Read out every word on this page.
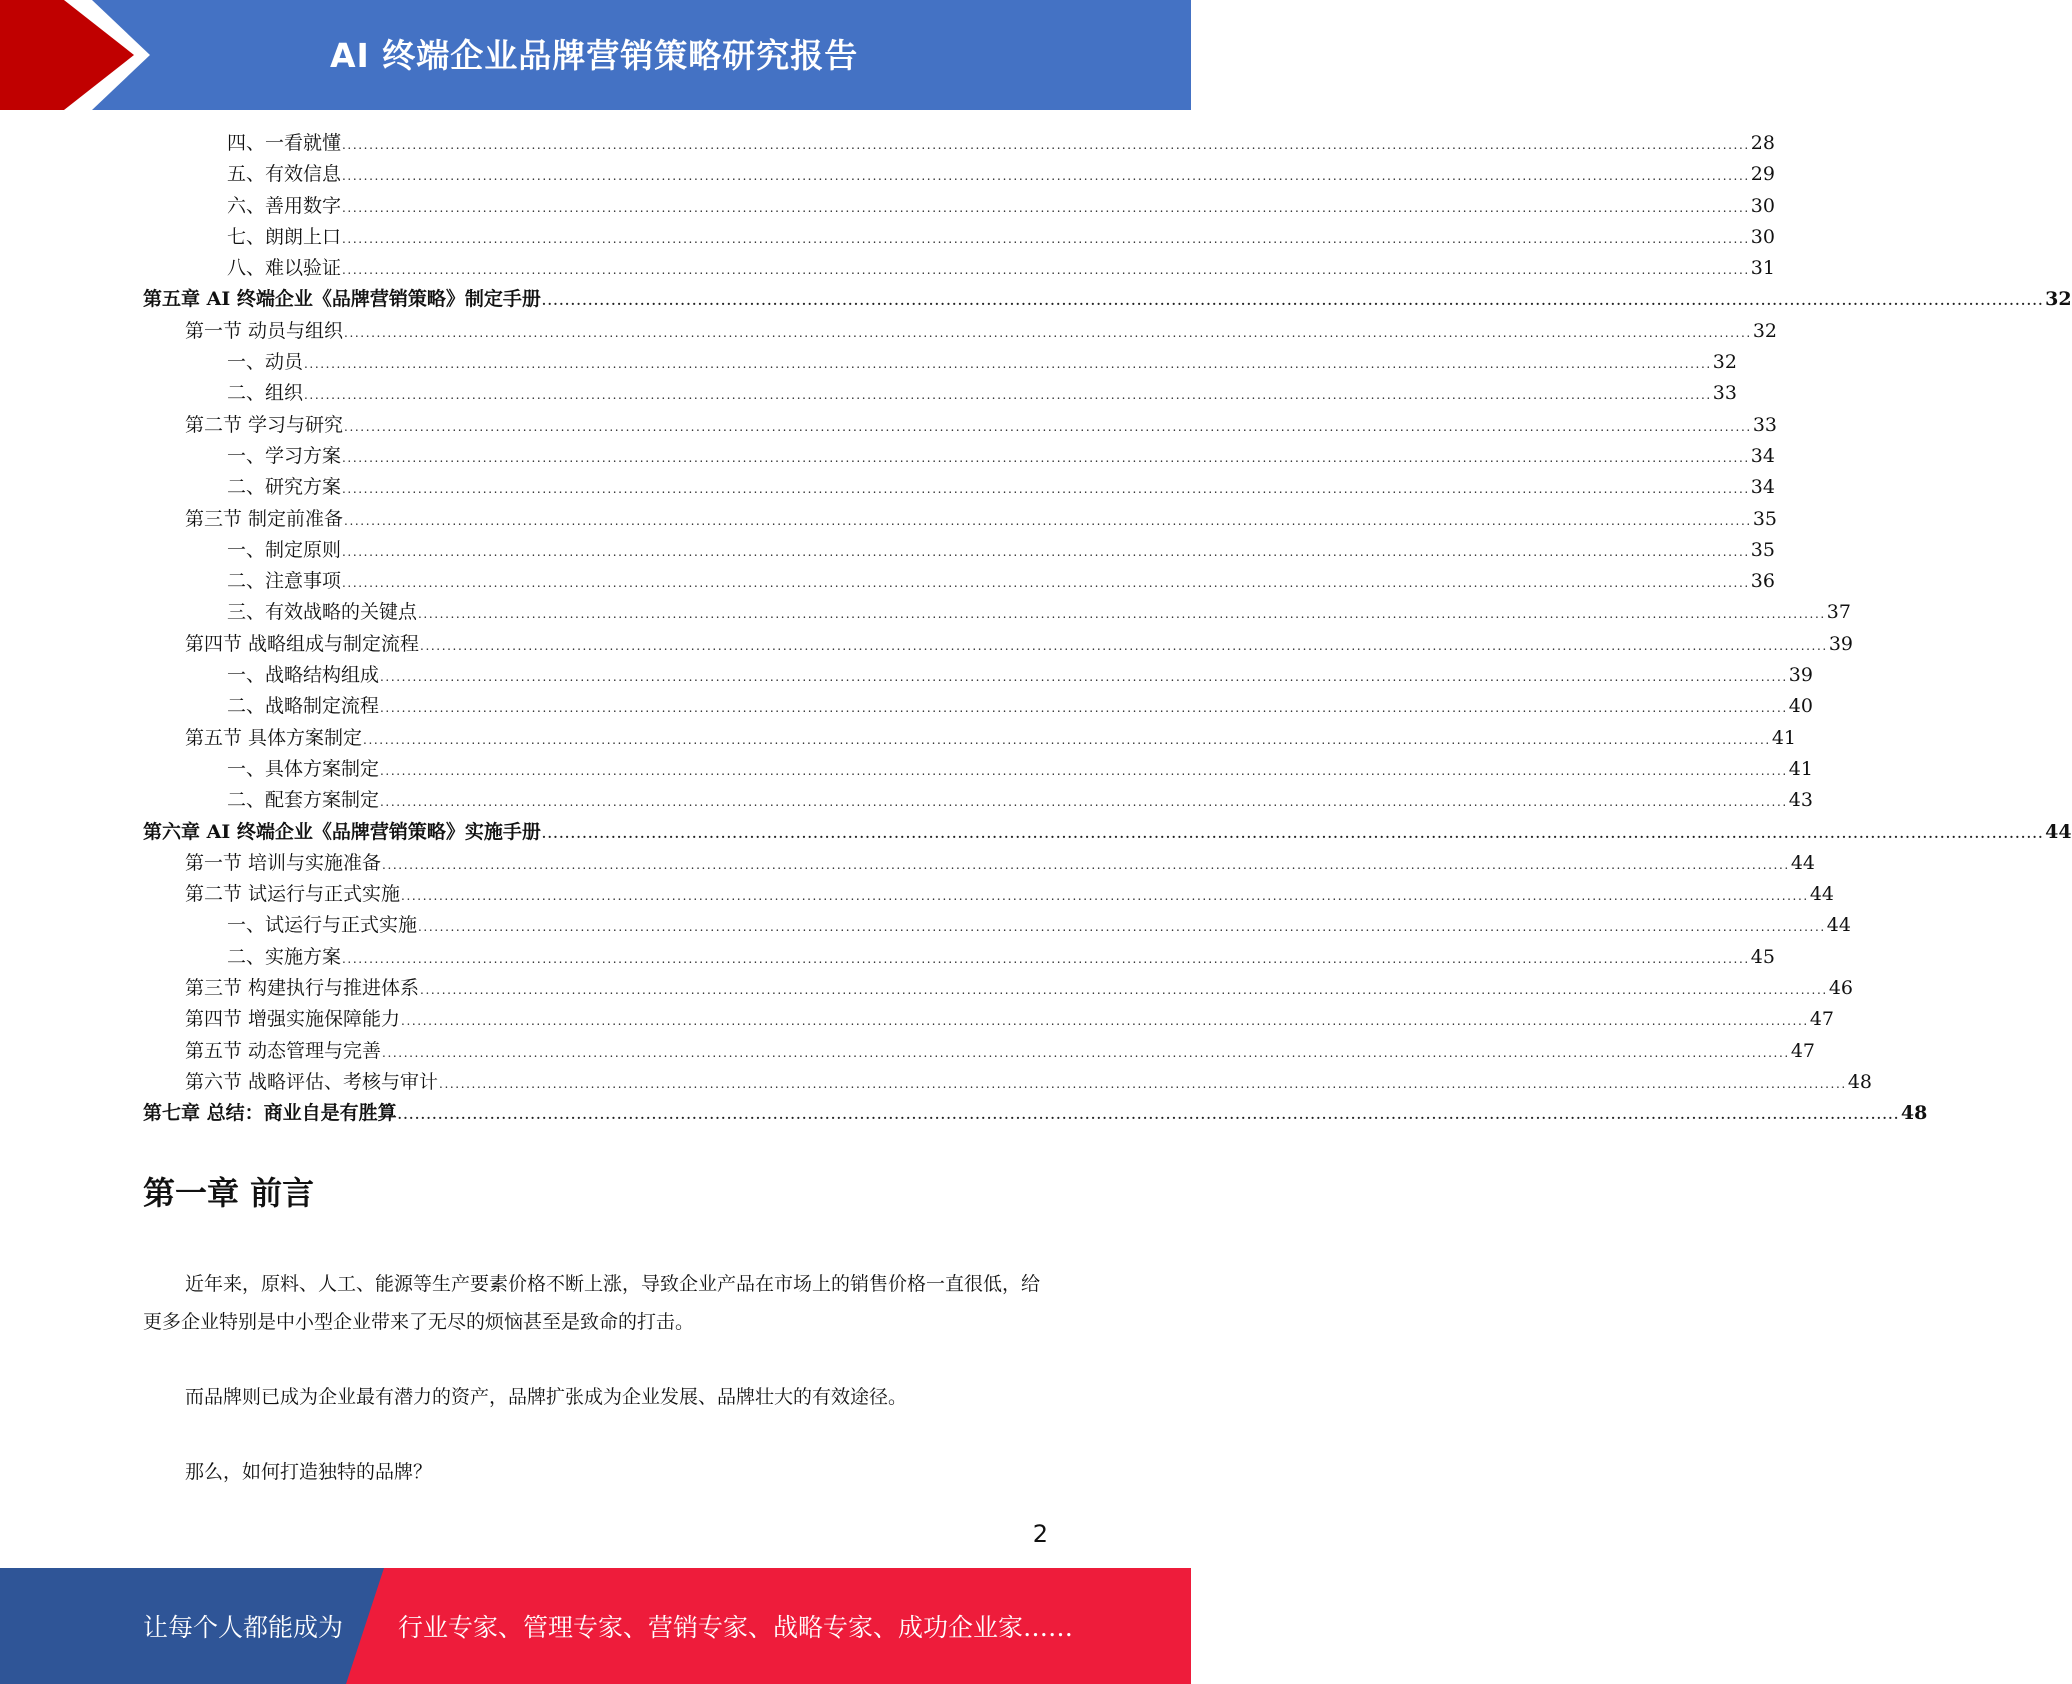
AI 终端企业品牌营销策略研究报告
四、一看就懂 .................................................................................................................................................................................................................................................................... 28
五、有效信息 .................................................................................................................................................................................................................................................................... 29
六、善用数字 .................................................................................................................................................................................................................................................................... 30
七、朗朗上口 .................................................................................................................................................................................................................................................................... 30
八、难以验证 .................................................................................................................................................................................................................................................................... 31
第五章 AI 终端企业《品牌营销策略》制定手册 .................................................................................................................................................................................................................................................................... 32
第一节 动员与组织 .................................................................................................................................................................................................................................................................... 32
一、动员 .................................................................................................................................................................................................................................................................... 32
二、组织 .................................................................................................................................................................................................................................................................... 33
第二节 学习与研究 .................................................................................................................................................................................................................................................................... 33
一、学习方案 .................................................................................................................................................................................................................................................................... 34
二、研究方案 .................................................................................................................................................................................................................................................................... 34
第三节 制定前准备 .................................................................................................................................................................................................................................................................... 35
一、制定原则 .................................................................................................................................................................................................................................................................... 35
二、注意事项 .................................................................................................................................................................................................................................................................... 36
三、有效战略的关键点 .................................................................................................................................................................................................................................................................... 37
第四节 战略组成与制定流程 .................................................................................................................................................................................................................................................................... 39
一、战略结构组成 .................................................................................................................................................................................................................................................................... 39
二、战略制定流程 .................................................................................................................................................................................................................................................................... 40
第五节 具体方案制定 .................................................................................................................................................................................................................................................................... 41
一、具体方案制定 .................................................................................................................................................................................................................................................................... 41
二、配套方案制定 .................................................................................................................................................................................................................................................................... 43
第六章 AI 终端企业《品牌营销策略》实施手册 .................................................................................................................................................................................................................................................................... 44
第一节 培训与实施准备 .................................................................................................................................................................................................................................................................... 44
第二节 试运行与正式实施 .................................................................................................................................................................................................................................................................... 44
一、试运行与正式实施 .................................................................................................................................................................................................................................................................... 44
二、实施方案 .................................................................................................................................................................................................................................................................... 45
第三节 构建执行与推进体系 .................................................................................................................................................................................................................................................................... 46
第四节 增强实施保障能力 .................................................................................................................................................................................................................................................................... 47
第五节 动态管理与完善 .................................................................................................................................................................................................................................................................... 47
第六节 战略评估、考核与审计 .................................................................................................................................................................................................................................................................... 48
第七章 总结：商业自是有胜算 .................................................................................................................................................................................................................................................................... 48
第一章 前言

近年来，原料、人工、能源等生产要素价格不断上涨，导致企业产品在市场上的销售价格一直很低，给更多企业特别是中小型企业带来了无尽的烦恼甚至是致命的打击。

而品牌则已成为企业最有潜力的资产，品牌扩张成为企业发展、品牌壮大的有效途径。

那么，如何打造独特的品牌？

2
让每个人都能成为 行业专家、管理专家、营销专家、战略专家、成功企业家……
